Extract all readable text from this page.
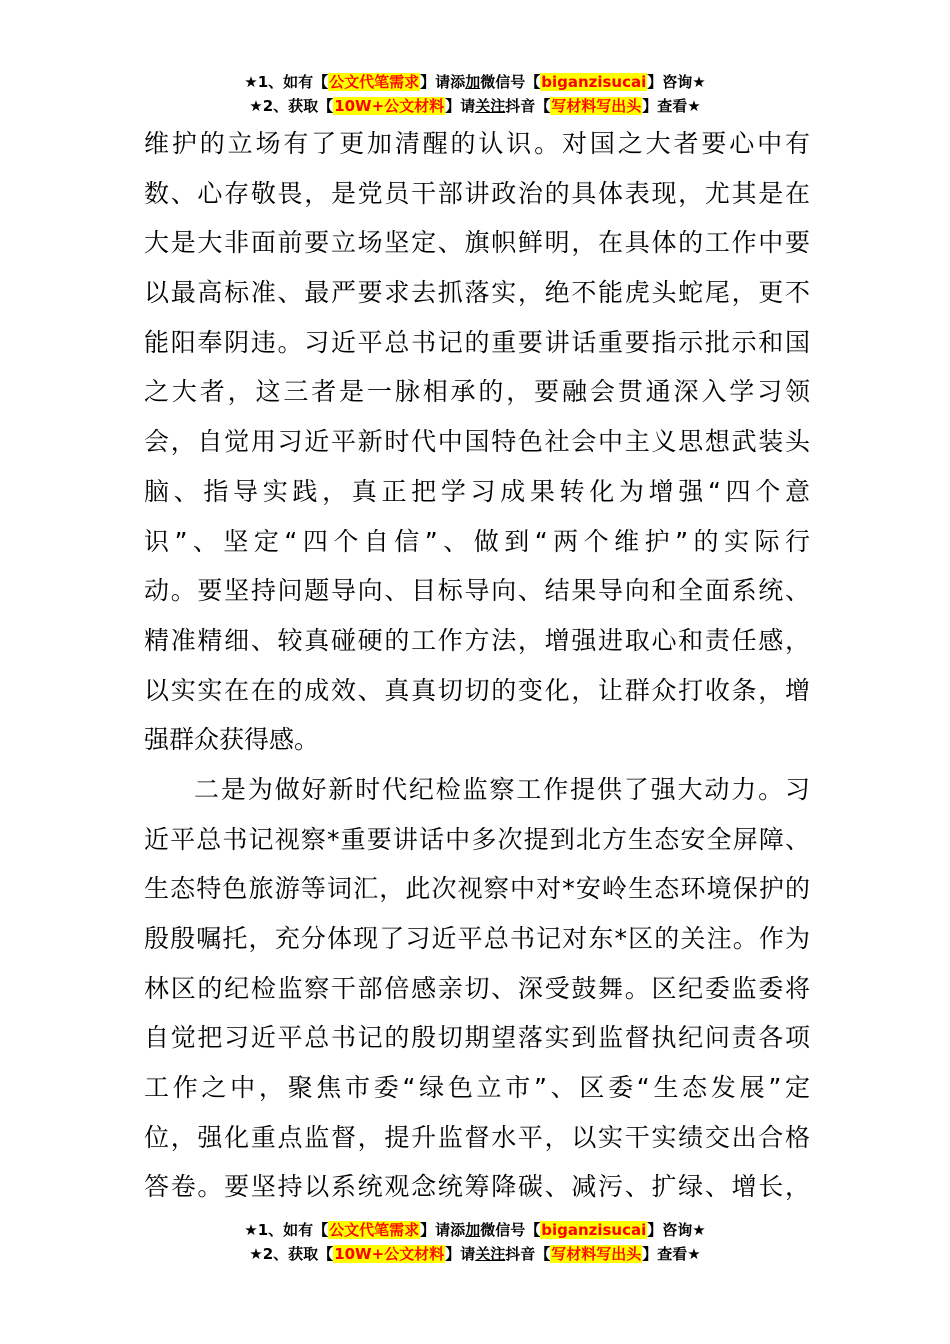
★1、如有【公文代笔需求】请添加微信号【biganzisucai】咨询★
★2、获取【10W+公文材料】请关注抖音【写材料写出头】查看★
维护的立场有了更加清醒的认识。对国之大者要心中有
数、心存敬畏，是党员干部讲政治的具体表现，尤其是在
大是大非面前要立场坚定、旗帜鲜明，在具体的工作中要
以最高标准、最严要求去抓落实，绝不能虎头蛇尾，更不
能阳奉阴违。习近平总书记的重要讲话重要指示批示和国
之大者，这三者是一脉相承的，要融会贯通深入学习领
会，自觉用习近平新时代中国特色社会中主义思想武装头
脑、指导实践，真正把学习成果转化为增强“四个意
识”、坚定“四个自信”、做到“两个维护”的实际行
动。要坚持问题导向、目标导向、结果导向和全面系统、
精准精细、较真碰硬的工作方法，增强进取心和责任感，
以实实在在的成效、真真切切的变化，让群众打收条，增
强群众获得感。
二是为做好新时代纪检监察工作提供了强大动力。习
近平总书记视察*重要讲话中多次提到北方生态安全屏障、
生态特色旅游等词汇，此次视察中对*安岭生态环境保护的
殷殷嘱托，充分体现了习近平总书记对东*区的关注。作为
林区的纪检监察干部倍感亲切、深受鼓舞。区纪委监委将
自觉把习近平总书记的殷切期望落实到监督执纪问责各项
工作之中，聚焦市委“绿色立市”、区委“生态发展”定
位，强化重点监督，提升监督水平，以实干实绩交出合格
答卷。要坚持以系统观念统筹降碳、减污、扩绿、增长，
★1、如有【公文代笔需求】请添加微信号【biganzisucai】咨询★
★2、获取【10W+公文材料】请关注抖音【写材料写出头】查看★
